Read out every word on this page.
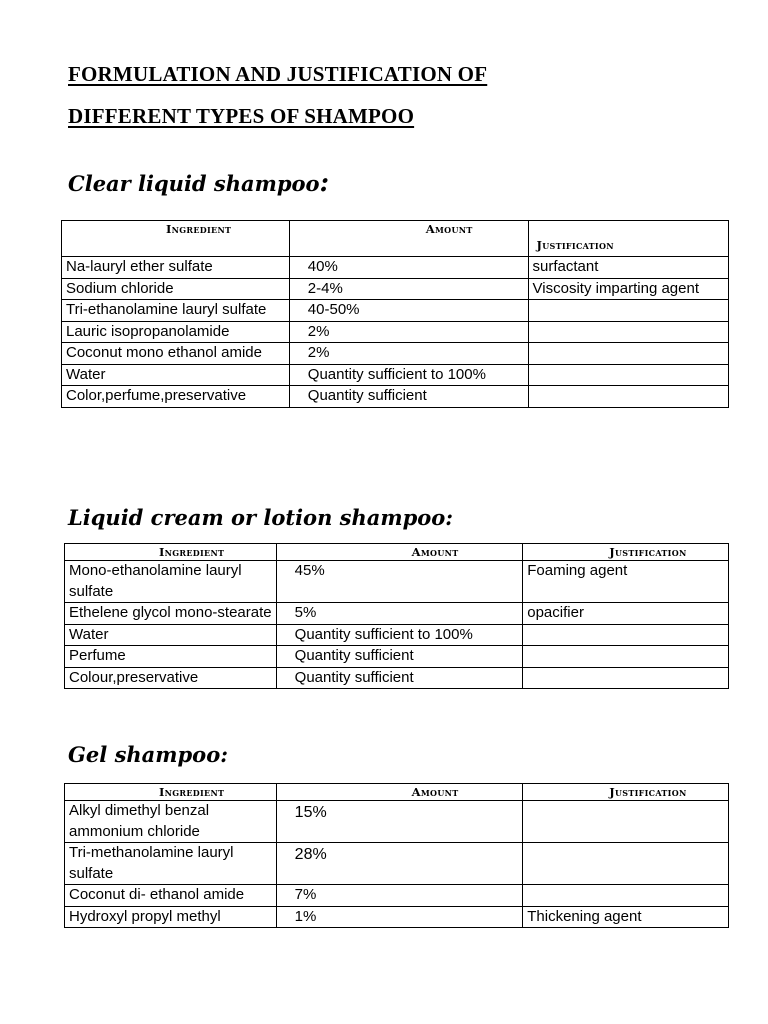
FORMULATION AND JUSTIFICATION OF
DIFFERENT TYPES OF SHAMPOO
Clear liquid shampoo:
Ingredient	Amount	Justification
Na-lauryl ether sulfate	40%	surfactant
Sodium chloride	2-4%	Viscosity imparting agent
Tri-ethanolamine lauryl sulfate	40-50%	
Lauric isopropanolamide	2%	
Coconut mono ethanol amide	2%	
Water	Quantity sufficient to 100%	
Color,perfume,preservative	Quantity sufficient	
Liquid cream or lotion shampoo:
Ingredient	Amount	Justification
Mono-ethanolamine lauryl sulfate	45%	Foaming agent
Ethelene glycol mono-stearate	5%	opacifier
Water	Quantity sufficient to 100%	
Perfume	Quantity sufficient	
Colour,preservative	Quantity sufficient	
Gel shampoo:
Ingredient	Amount	Justification
Alkyl dimethyl benzal ammonium chloride	15%	
Tri-methanolamine lauryl sulfate	28%	
Coconut di- ethanol amide	7%	
Hydroxyl propyl methyl	1%	Thickening agent
